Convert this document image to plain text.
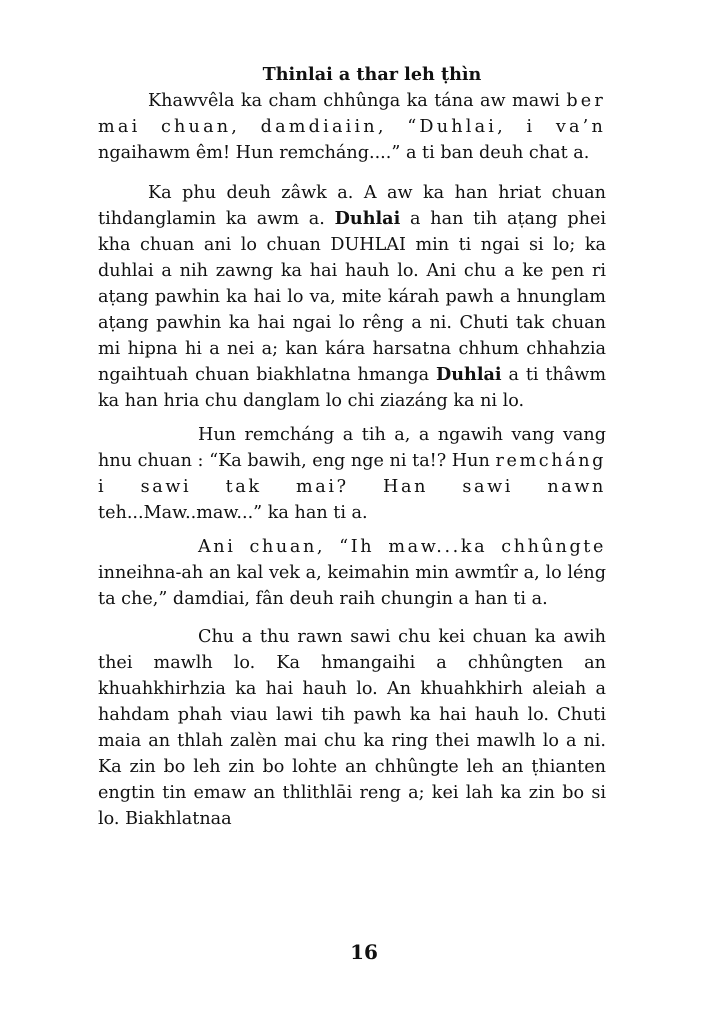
Thinlai a thar leh ṭhìn

Khawvêla ka cham chhûnga ka tána aw mawi ber mai chuan, damdiaiin, “Duhlai, i va’n ngaihawm êm! Hun remcháng....” a ti ban deuh chat a.

Ka phu deuh zâwk a. A aw ka han hriat chuan tihdanglamin ka awm a. Duhlai a han tih aṭang phei kha chuan ani lo chuan DUHLAI min ti ngai si lo; ka duhlai a nih zawng ka hai hauh lo. Ani chu a ke pen ri aṭang pawhin ka hai lo va, mite kárah pawh a hnunglam aṭang pawhin ka hai ngai lo rêng a ni. Chuti tak chuan mi hipna hi a nei a; kan kára harsatna chhum chhahzia ngaihtuah chuan biakhlatna hmanga Duhlai a ti thâwm ka han hria chu danglam lo chi ziazáng ka ni lo.

Hun remcháng a tih a, a ngawih vang vang hnu chuan : “Ka bawih, eng nge ni ta!? Hun remcháng i sawi tak mai? Han sawi nawn teh...Maw..maw...” ka han ti a.

Ani chuan, “Ih maw...ka chhûngte inneihna-ah an kal vek a, keimahin min awmtîr a, lo léng ta che,” damdiai, fân deuh raih chungin a han ti a.

Chu a thu rawn sawi chu kei chuan ka awih thei mawlh lo. Ka hmangaihi a chhûngten an khuahkhirhzia ka hai hauh lo. An khuahkhirh aleiah a hahdam phah viau lawi tih pawh ka hai hauh lo. Chuti maia an thlah zalèn mai chu ka ring thei mawlh lo a ni. Ka zin bo leh zin bo lohte an chhûngte leh an ṭhianten engtin tin emaw an thlithlāi reng a; kei lah ka zin bo si lo. Biakhlatnaa

16
